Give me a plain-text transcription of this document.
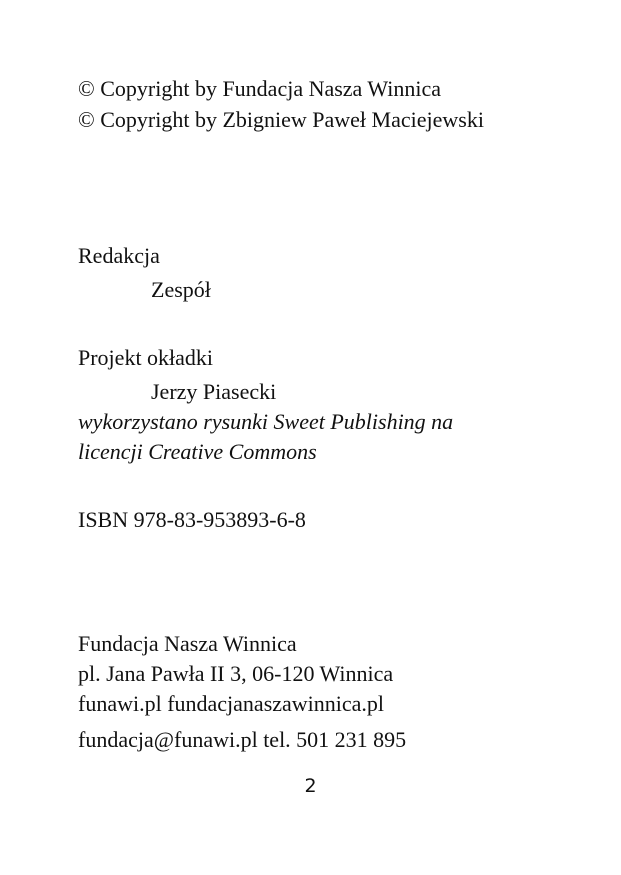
© Copyright by Fundacja Nasza Winnica
© Copyright by Zbigniew Paweł Maciejewski
Redakcja
Zespół
Projekt okładki
Jerzy Piasecki
wykorzystano rysunki Sweet Publishing na
licencji Creative Commons
ISBN 978-83-953893-6-8
Fundacja Nasza Winnica
pl. Jana Pawła II 3, 06-120 Winnica
funawi.pl fundacjanaszawinnica.pl
fundacja@funawi.pl tel. 501 231 895
2
